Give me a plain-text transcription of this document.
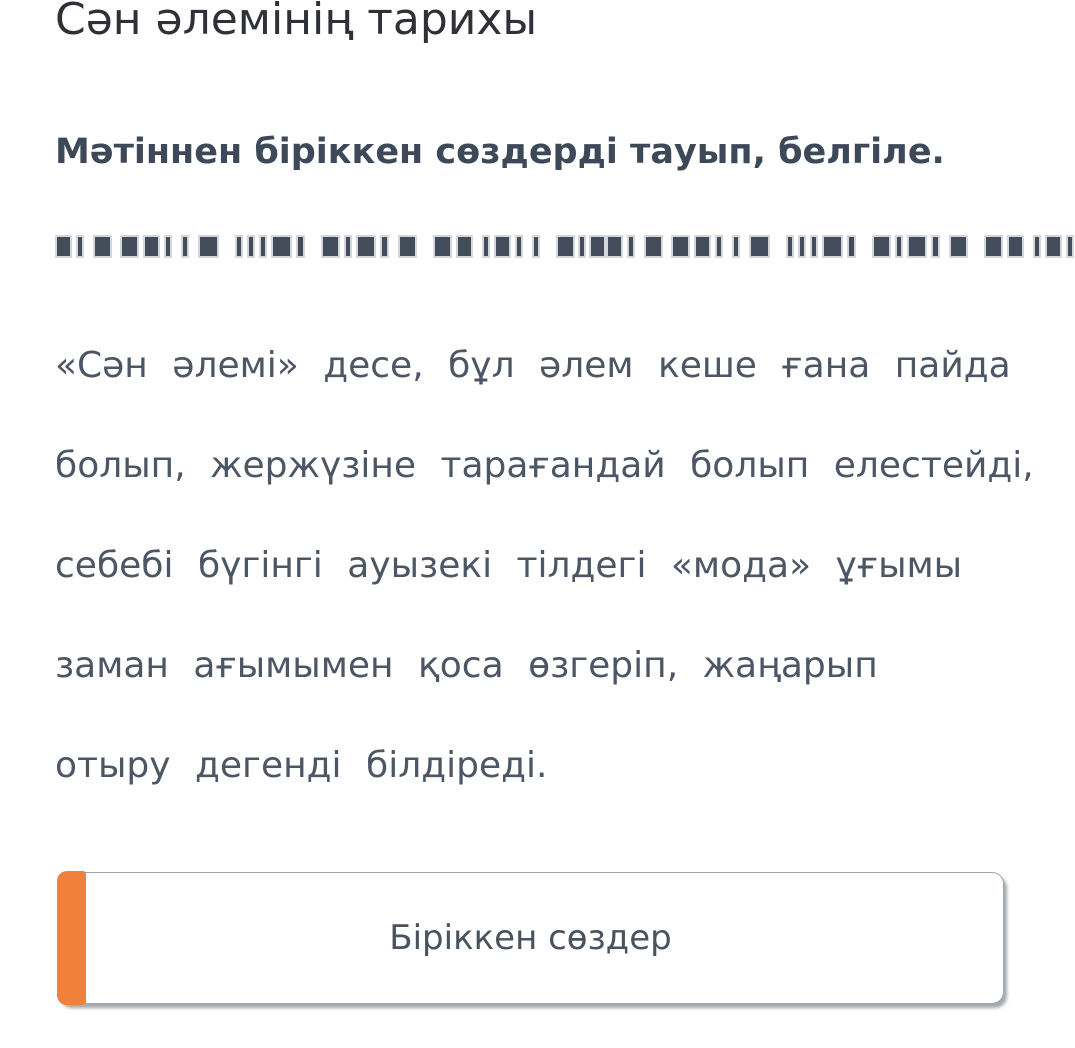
Сән әлемінің тарихы
Мәтіннен біріккен сөздерді тауып, белгіле.
«Сән әлемі» десе, бұл әлем кеше ғана пайда
болып, жержүзіне тарағандай болып елестейді,
себебі бүгінгі ауызекі тілдегі «мода» ұғымы
заман ағымымен қоса өзгеріп, жаңарып
отыру дегенді білдіреді.
Біріккен сөздер
